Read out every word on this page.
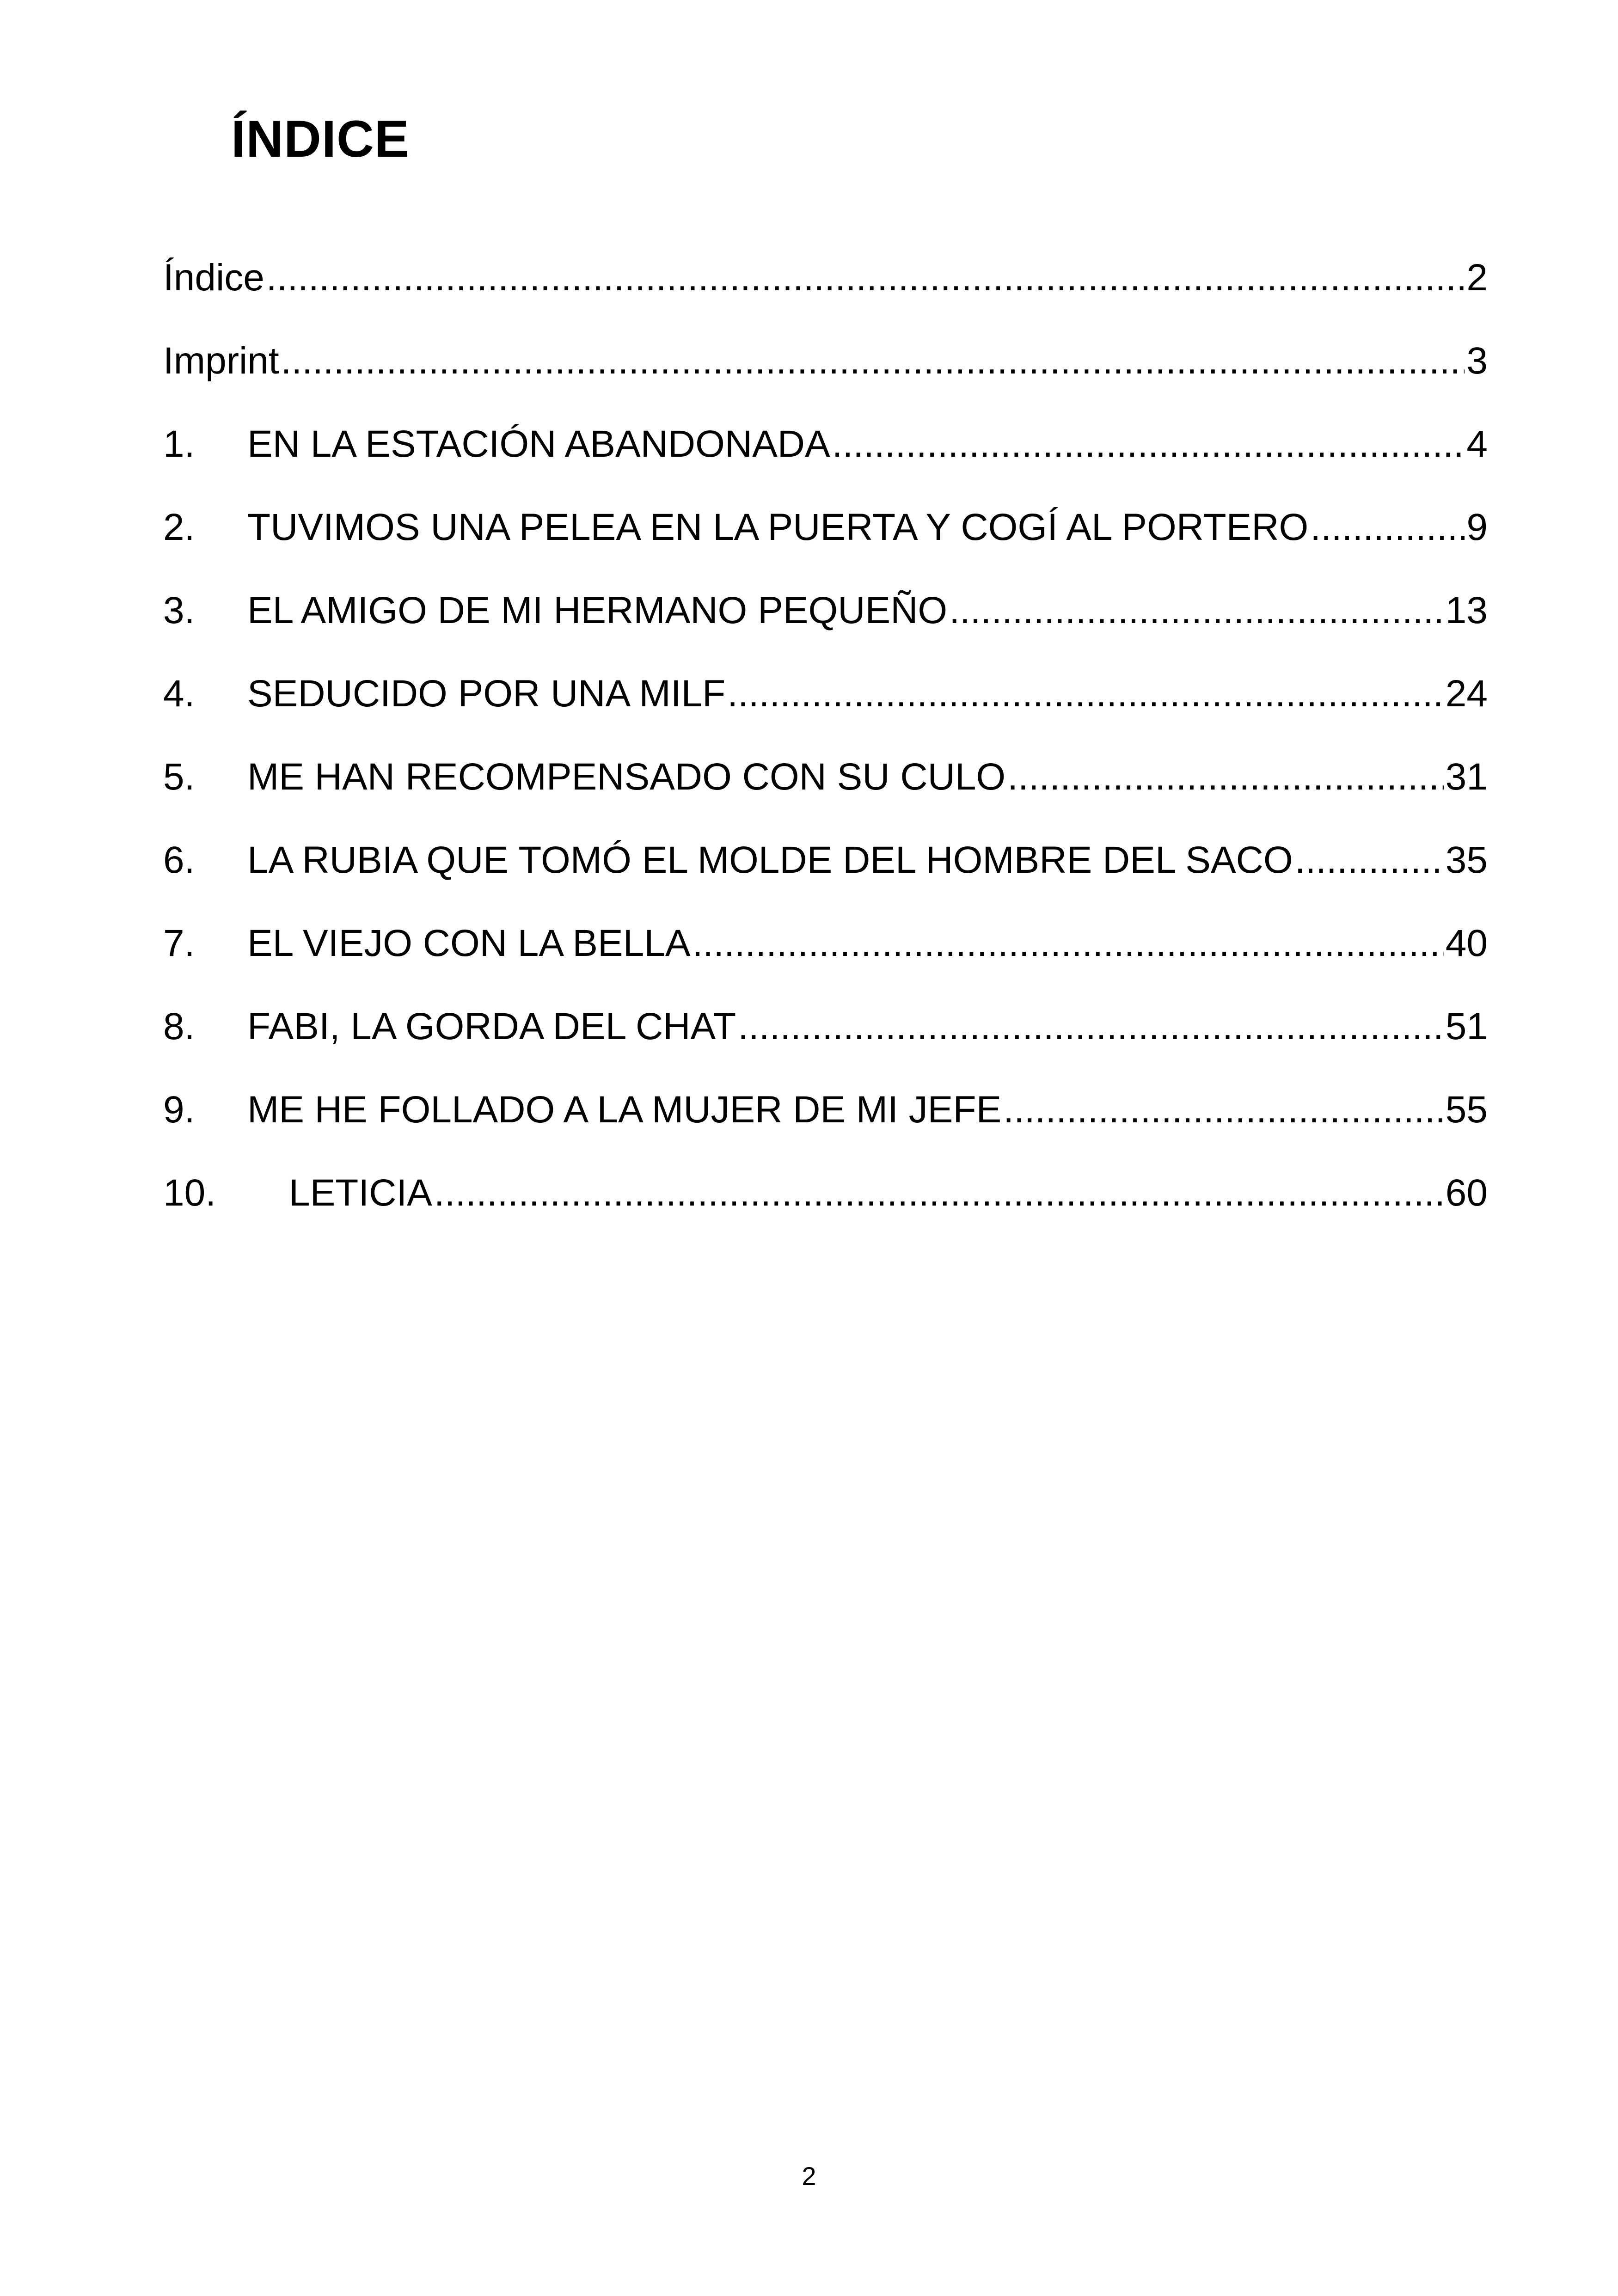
ÍNDICE
Índice .....	2
Imprint .....	3
1.	EN LA ESTACIÓN ABANDONADA .....	4
2.	TUVIMOS UNA PELEA EN LA PUERTA Y COGÍ AL PORTERO .....	9
3.	EL AMIGO DE MI HERMANO PEQUEÑO .....	13
4.	SEDUCIDO POR UNA MILF .....	24
5.	ME HAN RECOMPENSADO CON SU CULO .....	31
6.	LA RUBIA QUE TOMÓ EL MOLDE DEL HOMBRE DEL SACO .....	35
7.	EL VIEJO CON LA BELLA .....	40
8.	FABI, LA GORDA DEL CHAT .....	51
9.	ME HE FOLLADO A LA MUJER DE MI JEFE .....	55
10.	LETICIA .....	60
2
